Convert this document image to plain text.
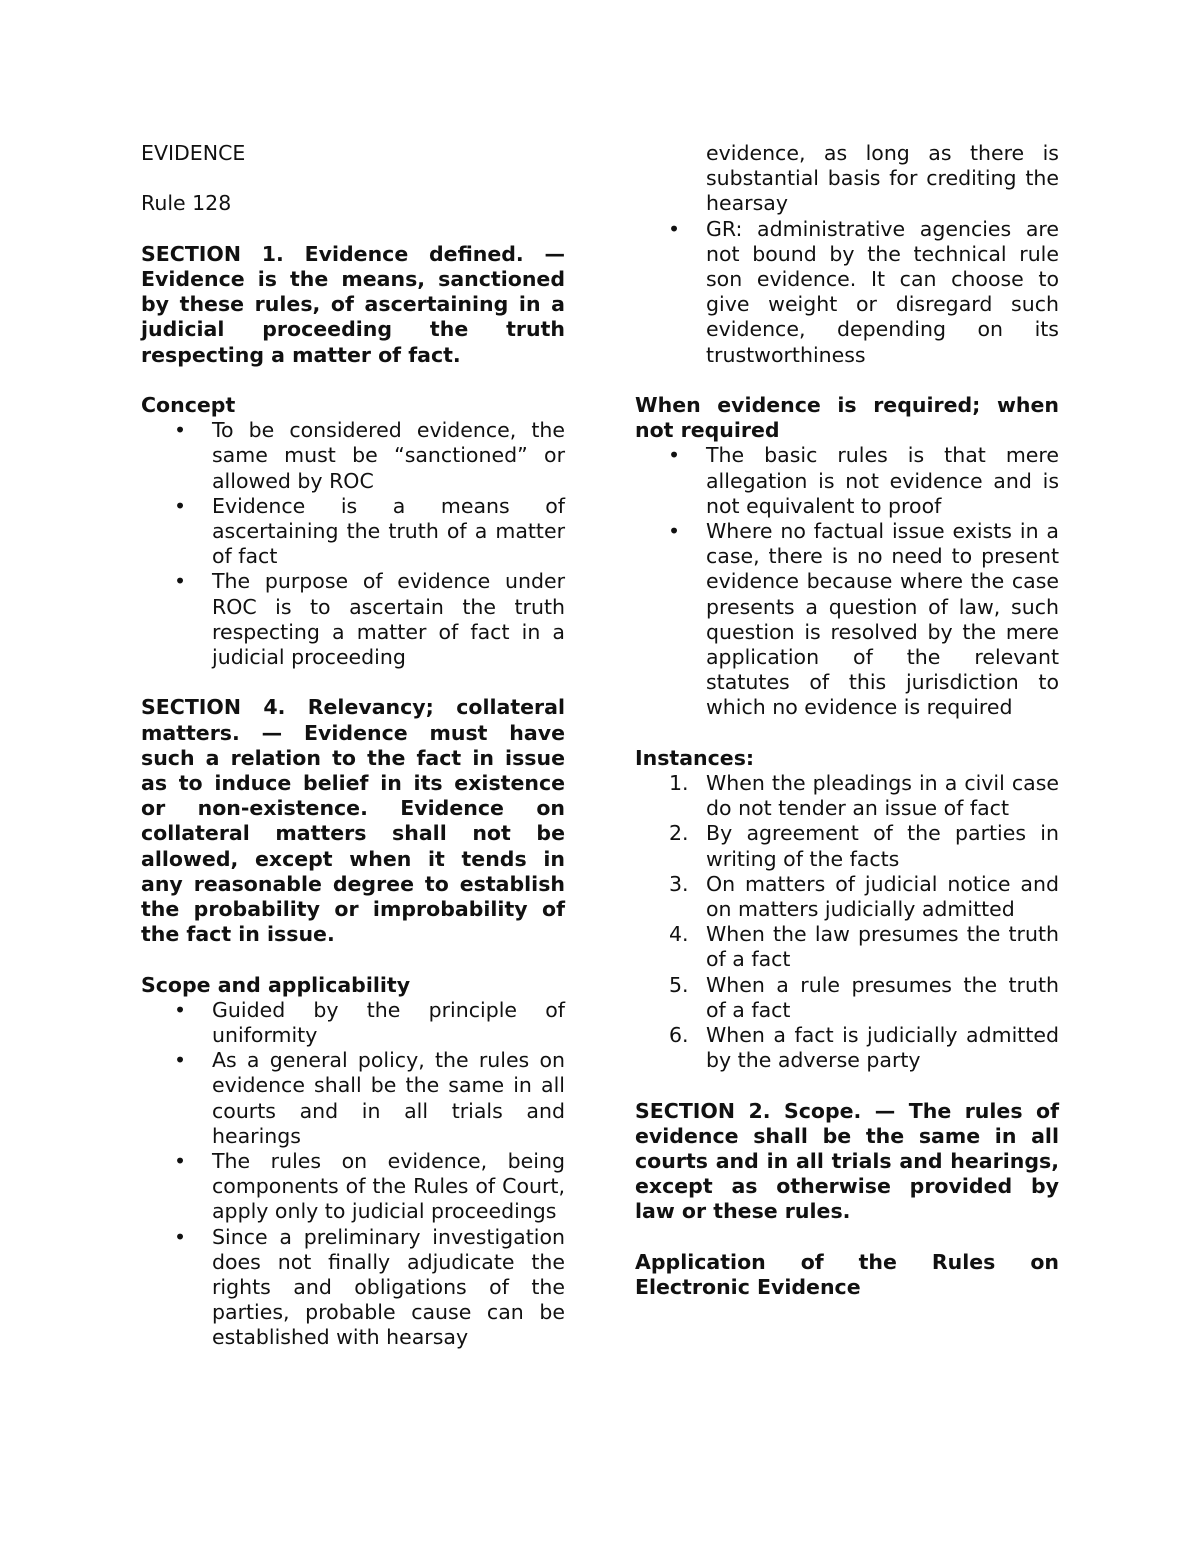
EVIDENCE

Rule 128

SECTION 1. Evidence defined. — Evidence is the means, sanctioned by these rules, of ascertaining in a judicial proceeding the truth respecting a matter of fact.

Concept

• To be considered evidence, the same must be “sanctioned” or allowed by ROC
• Evidence is a means of ascertaining the truth of a matter of fact
• The purpose of evidence under ROC is to ascertain the truth respecting a matter of fact in a judicial proceeding

SECTION 4. Relevancy; collateral matters. — Evidence must have such a relation to the fact in issue as to induce belief in its existence or non-existence. Evidence on collateral matters shall not be allowed, except when it tends in any reasonable degree to establish the probability or improbability of the fact in issue.

Scope and applicability

• Guided by the principle of uniformity
• As a general policy, the rules on evidence shall be the same in all courts and in all trials and hearings
• The rules on evidence, being components of the Rules of Court, apply only to judicial proceedings
• Since a preliminary investigation does not finally adjudicate the rights and obligations of the parties, probable cause can be established with hearsay
evidence, as long as there is substantial basis for crediting the hearsay
• GR: administrative agencies are not bound by the technical rule son evidence. It can choose to give weight or disregard such evidence, depending on its trustworthiness

When evidence is required; when not required

• The basic rules is that mere allegation is not evidence and is not equivalent to proof
• Where no factual issue exists in a case, there is no need to present evidence because where the case presents a question of law, such question is resolved by the mere application of the relevant statutes of this jurisdiction to which no evidence is required

Instances:

1. When the pleadings in a civil case do not tender an issue of fact
2. By agreement of the parties in writing of the facts
3. On matters of judicial notice and on matters judicially admitted
4. When the law presumes the truth of a fact
5. When a rule presumes the truth of a fact
6. When a fact is judicially admitted by the adverse party

SECTION 2. Scope. — The rules of evidence shall be the same in all courts and in all trials and hearings, except as otherwise provided by law or these rules.

Application of the Rules on Electronic Evidence
